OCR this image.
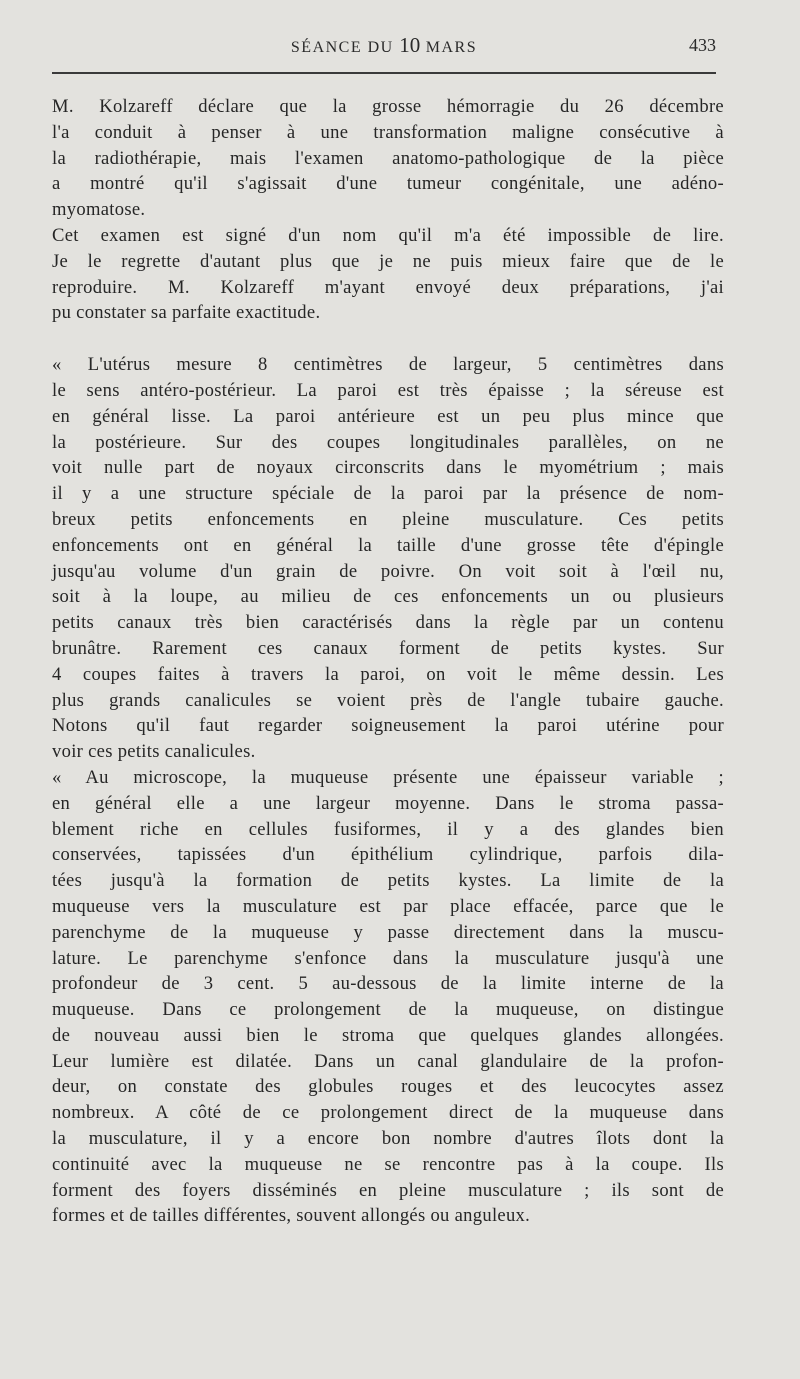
SÉANCE DU 10 MARS	433
M. Kolzareff déclare que la grosse hémorragie du 26 décembre
l'a conduit à penser à une transformation maligne consécutive à
la radiothérapie, mais l'examen anatomo-pathologique de la pièce
a montré qu'il s'agissait d'une tumeur congénitale, une adéno-
myomatose.
Cet examen est signé d'un nom qu'il m'a été impossible de lire.
Je le regrette d'autant plus que je ne puis mieux faire que de le
reproduire. M. Kolzareff m'ayant envoyé deux préparations, j'ai
pu constater sa parfaite exactitude.
« L'utérus mesure 8 centimètres de largeur, 5 centimètres dans
le sens antéro-postérieur. La paroi est très épaisse ; la séreuse est
en général lisse. La paroi antérieure est un peu plus mince que
la postérieure. Sur des coupes longitudinales parallèles, on ne
voit nulle part de noyaux circonscrits dans le myométrium ; mais
il y a une structure spéciale de la paroi par la présence de nom-
breux petits enfoncements en pleine musculature. Ces petits
enfoncements ont en général la taille d'une grosse tête d'épingle
jusqu'au volume d'un grain de poivre. On voit soit à l'œil nu,
soit à la loupe, au milieu de ces enfoncements un ou plusieurs
petits canaux très bien caractérisés dans la règle par un contenu
brunâtre. Rarement ces canaux forment de petits kystes. Sur
4 coupes faites à travers la paroi, on voit le même dessin. Les
plus grands canalicules se voient près de l'angle tubaire gauche.
Notons qu'il faut regarder soigneusement la paroi utérine pour
voir ces petits canalicules.
« Au microscope, la muqueuse présente une épaisseur variable ;
en général elle a une largeur moyenne. Dans le stroma passa-
blement riche en cellules fusiformes, il y a des glandes bien
conservées, tapissées d'un épithélium cylindrique, parfois dila-
tées jusqu'à la formation de petits kystes. La limite de la
muqueuse vers la musculature est par place effacée, parce que le
parenchyme de la muqueuse y passe directement dans la muscu-
lature. Le parenchyme s'enfonce dans la musculature jusqu'à une
profondeur de 3 cent. 5 au-dessous de la limite interne de la
muqueuse. Dans ce prolongement de la muqueuse, on distingue
de nouveau aussi bien le stroma que quelques glandes allongées.
Leur lumière est dilatée. Dans un canal glandulaire de la profon-
deur, on constate des globules rouges et des leucocytes assez
nombreux. A côté de ce prolongement direct de la muqueuse dans
la musculature, il y a encore bon nombre d'autres îlots dont la
continuité avec la muqueuse ne se rencontre pas à la coupe. Ils
forment des foyers disséminés en pleine musculature ; ils sont de
formes et de tailles différentes, souvent allongés ou anguleux.
